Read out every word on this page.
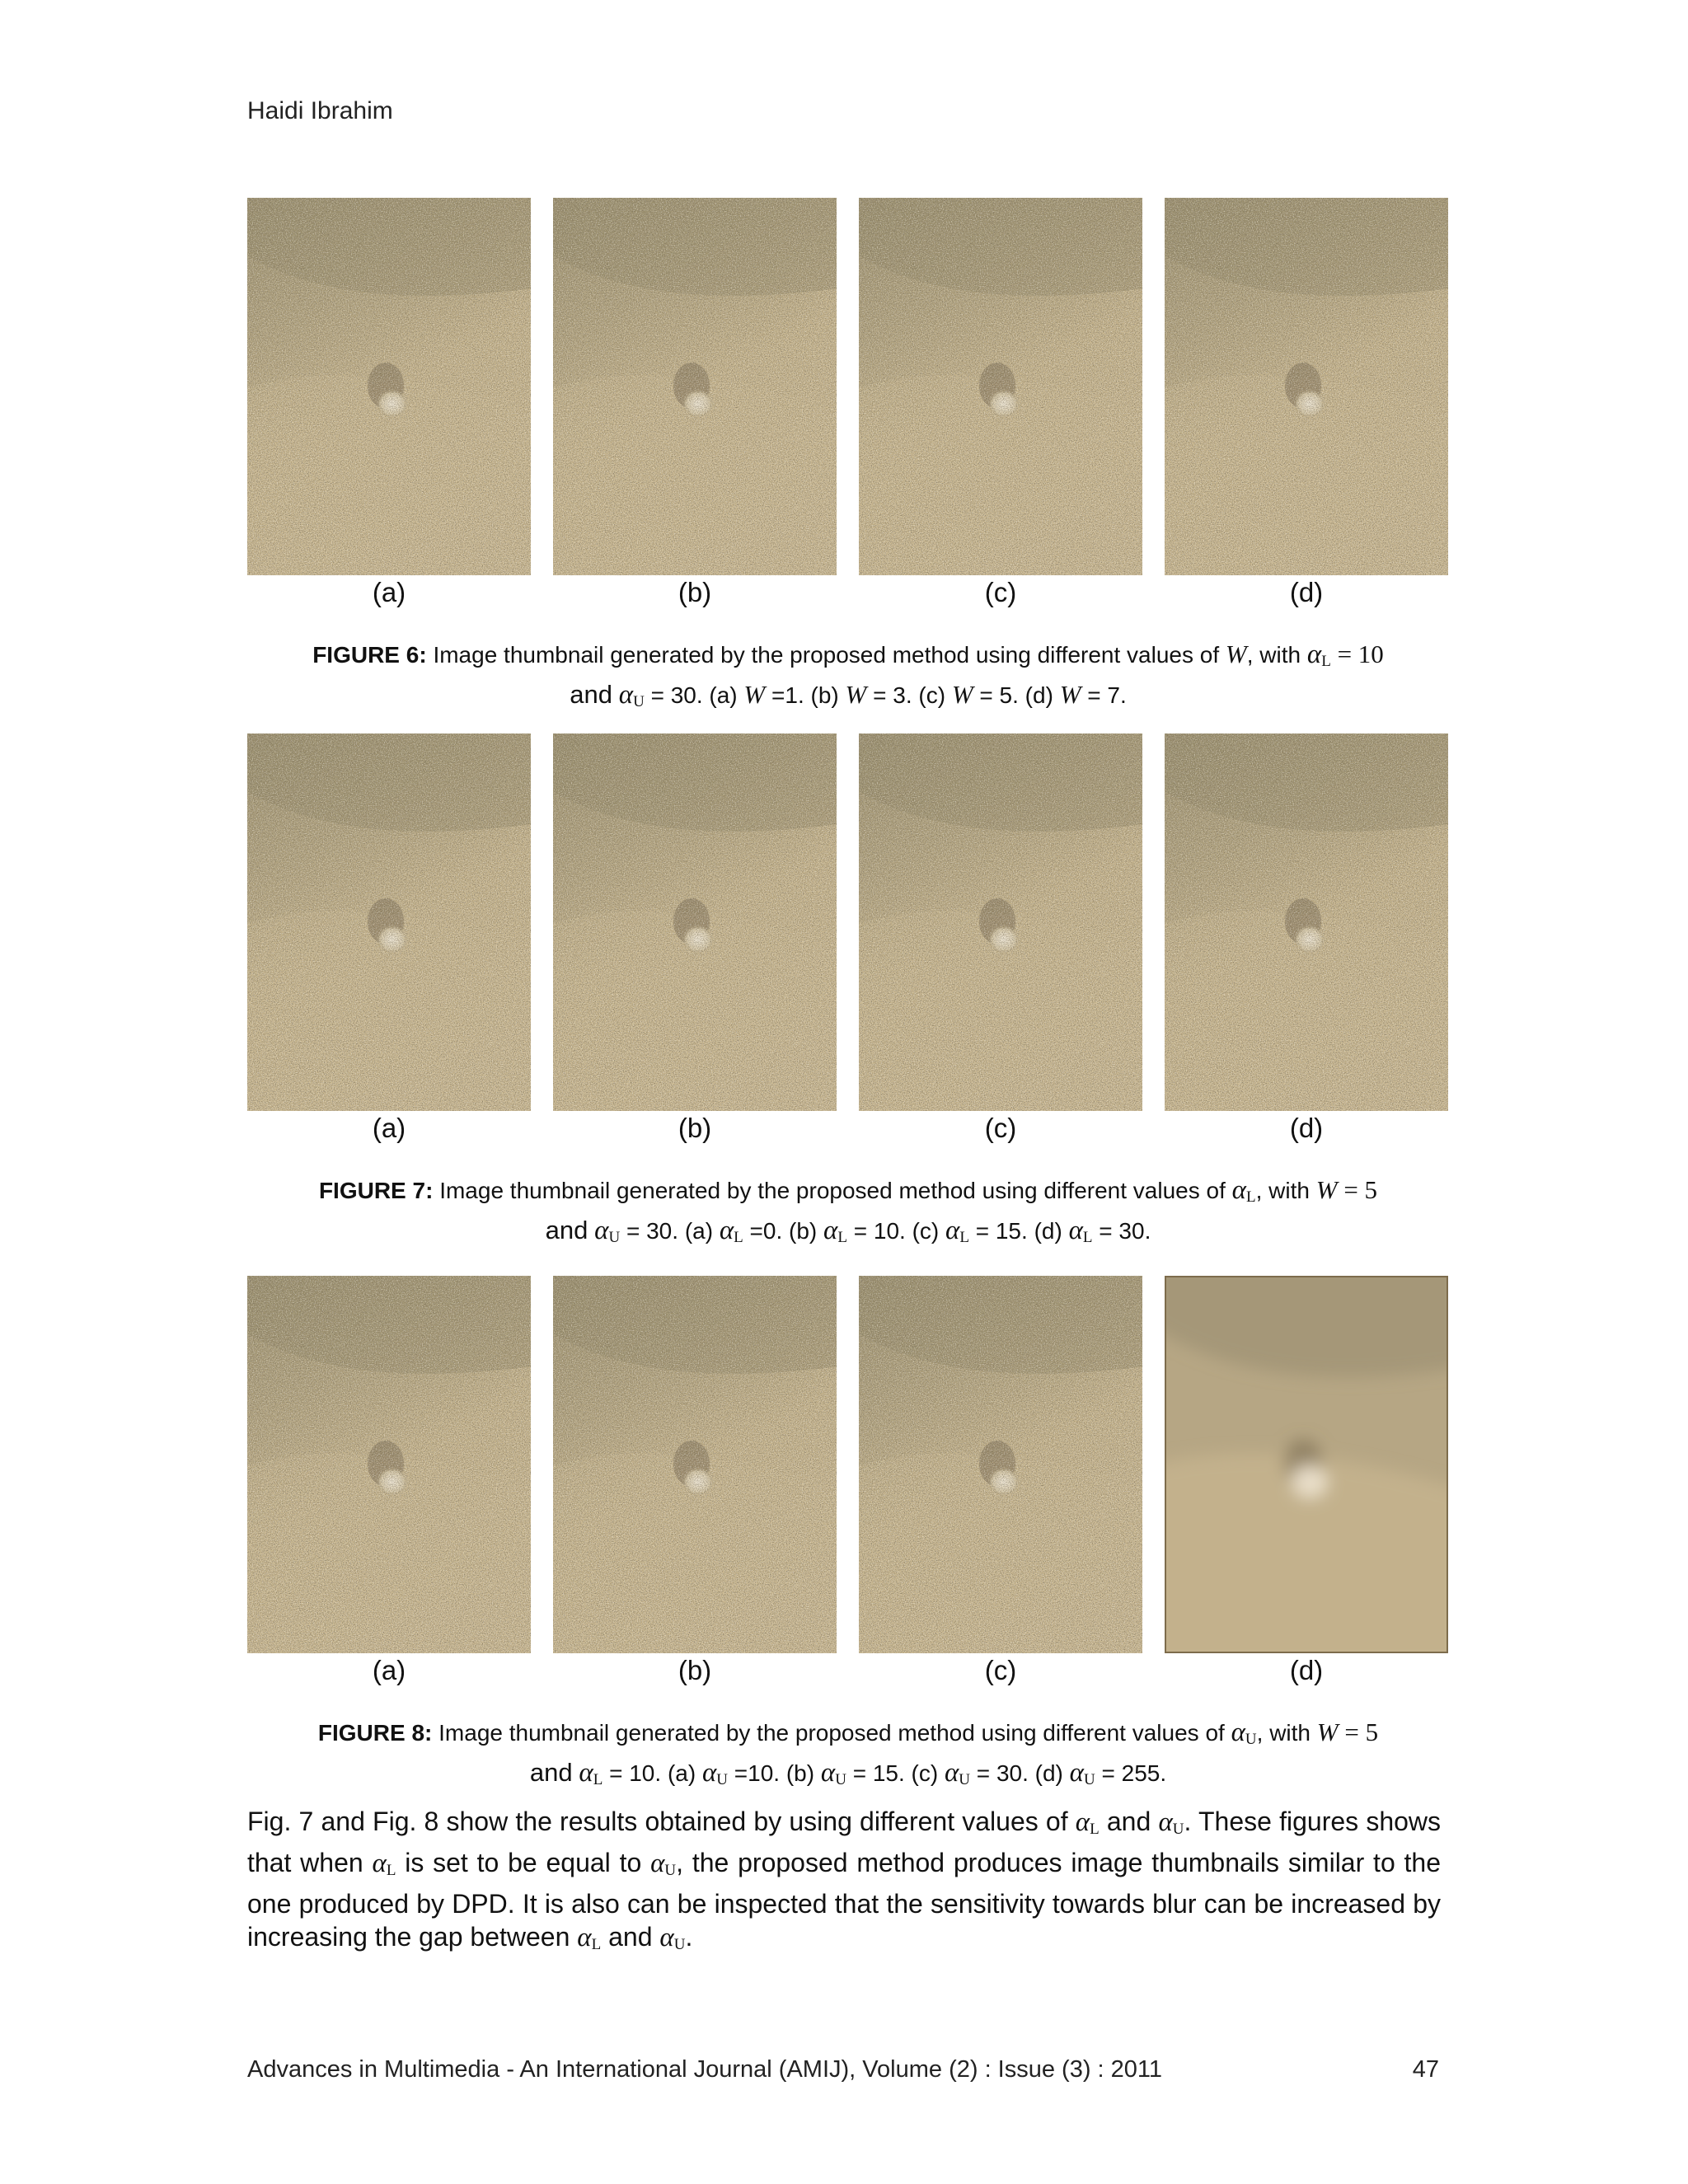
Haidi Ibrahim
(a)	(b)	(c)	(d)
FIGURE 6: Image thumbnail generated by the proposed method using different values of W, with $\alpha_L = 10$
and $\alpha_U = 30$. (a) W =1. (b) W = 3. (c) W = 5. (d) W = 7.
(a)	(b)	(c)	(d)
FIGURE 7: Image thumbnail generated by the proposed method using different values of $\alpha_L$, with W = 5
and $\alpha_U = 30$. (a) $\alpha_L =0$. (b) $\alpha_L = 10$. (c) $\alpha_L = 15$. (d) $\alpha_L = 30$.
(a)	(b)	(c)	(d)
FIGURE 8: Image thumbnail generated by the proposed method using different values of $\alpha_U$, with W = 5
and $\alpha_L = 10$. (a) $\alpha_U =10$. (b) $\alpha_U = 15$. (c) $\alpha_U = 30$. (d) $\alpha_U = 255$.
Fig. 7 and Fig. 8 show the results obtained by using different values of $\alpha_L$ and $\alpha_U$. These figures shows that when $\alpha_L$ is set to be equal to $\alpha_U$, the proposed method produces image thumbnails similar to the one produced by DPD. It is also can be inspected that the sensitivity towards blur can be increased by increasing the gap between $\alpha_L$ and $\alpha_U$.
Advances in Multimedia - An International Journal (AMIJ), Volume (2) : Issue (3) : 2011	47
